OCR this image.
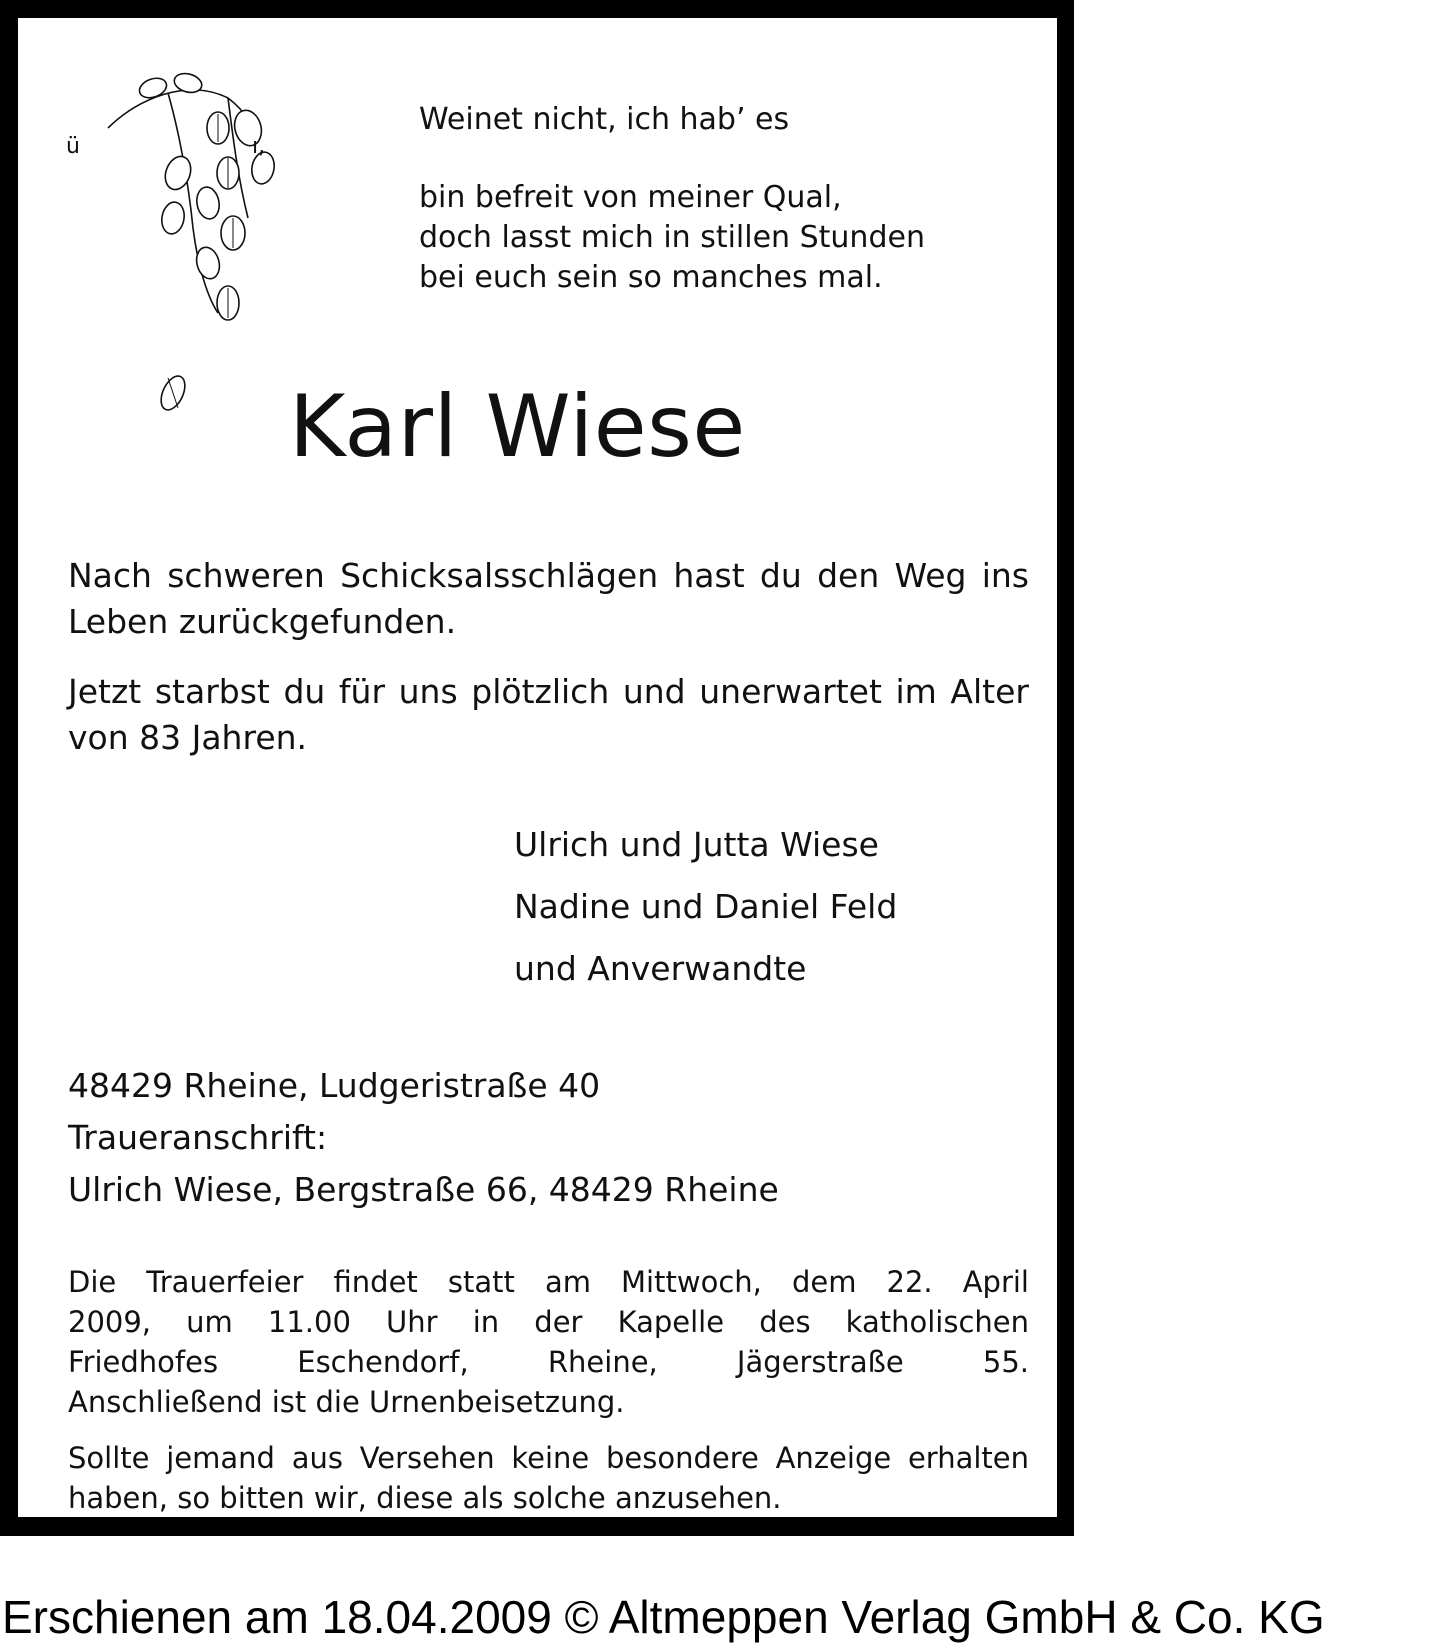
ü	ı,

Weinet nicht, ich hab’ es

bin befreit von meiner Qual,

doch lasst mich in stillen Stunden

bei euch sein so manches mal.

Karl Wiese

Nach schweren Schicksalsschlägen hast du den Weg ins Leben zurückgefunden.

Jetzt starbst du für uns plötzlich und unerwartet im Alter von 83 Jahren.

Ulrich und Jutta Wiese
Nadine und Daniel Feld
und Anverwandte
48429 Rheine, Ludgeristraße 40
Traueranschrift:
Ulrich Wiese, Bergstraße 66, 48429 Rheine
Die Trauerfeier findet statt am Mittwoch, dem 22. April
2009, um 11.00 Uhr in der Kapelle des katholischen
Friedhofes Eschendorf, Rheine, Jägerstraße 55.
Anschließend ist die Urnenbeisetzung.

Sollte jemand aus Versehen keine besondere Anzeige erhalten haben, so bitten wir, diese als solche anzusehen.

Erschienen am 18.04.2009 © Altmeppen Verlag GmbH & Co. KG
